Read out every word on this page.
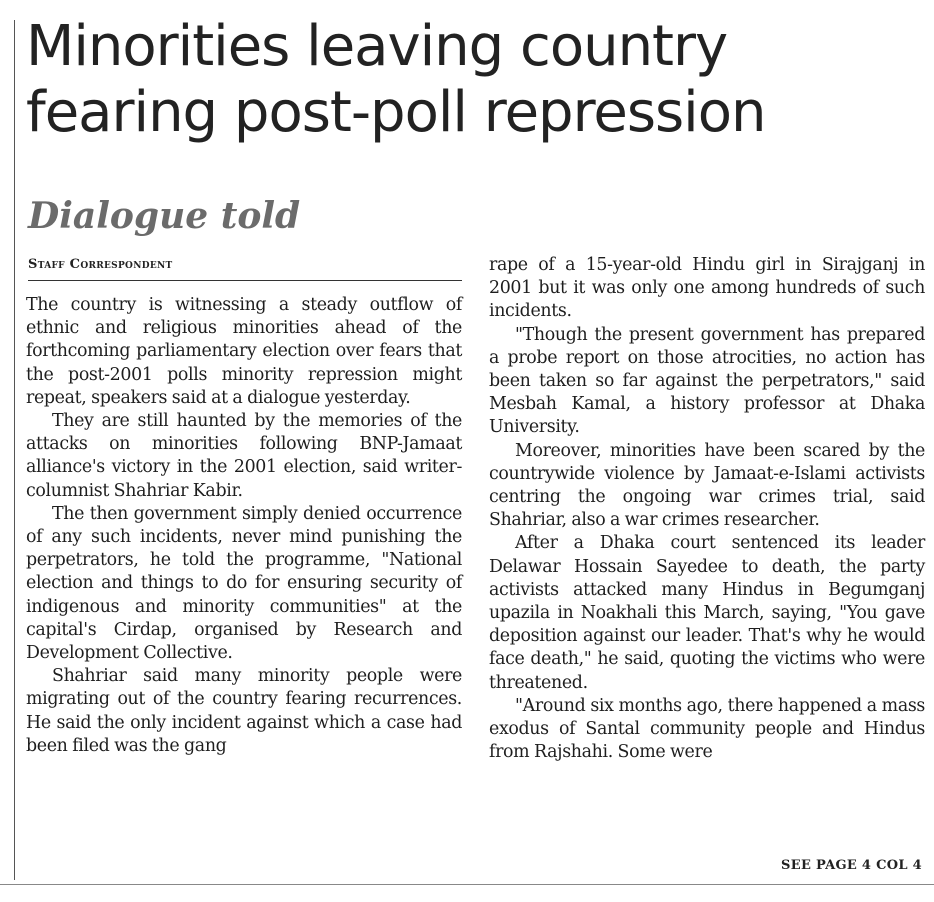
Minorities leaving country
fearing post-poll repression
Dialogue told
Staff Correspondent

The country is witnessing a steady outflow of ethnic and religious minorities ahead of the forthcoming parliamentary election over fears that the post-2001 polls minority repression might repeat, speakers said at a dialogue yesterday.

They are still haunted by the memories of the attacks on minorities following BNP-Jamaat alliance's victory in the 2001 election, said writer-columnist Shahriar Kabir.

The then government simply denied occurrence of any such incidents, never mind punishing the perpetrators, he told the programme, "National election and things to do for ensuring security of indigenous and minority communities" at the capital's Cirdap, organised by Research and Development Collective.

Shahriar said many minority people were migrating out of the country fearing recurrences. He said the only incident against which a case had been filed was the gang

rape of a 15-year-old Hindu girl in Sirajganj in 2001 but it was only one among hundreds of such incidents.

"Though the present government has prepared a probe report on those atrocities, no action has been taken so far against the perpetrators," said Mesbah Kamal, a history professor at Dhaka University.

Moreover, minorities have been scared by the countrywide violence by Jamaat-e-Islami activists centring the ongoing war crimes trial, said Shahriar, also a war crimes researcher.

After a Dhaka court sentenced its leader Delawar Hossain Sayedee to death, the party activists attacked many Hindus in Begumganj upazila in Noakhali this March, saying, "You gave deposition against our leader. That's why he would face death," he said, quoting the victims who were threatened.

"Around six months ago, there happened a mass exodus of Santal community people and Hindus from Rajshahi. Some were

SEE PAGE 4 COL 4
